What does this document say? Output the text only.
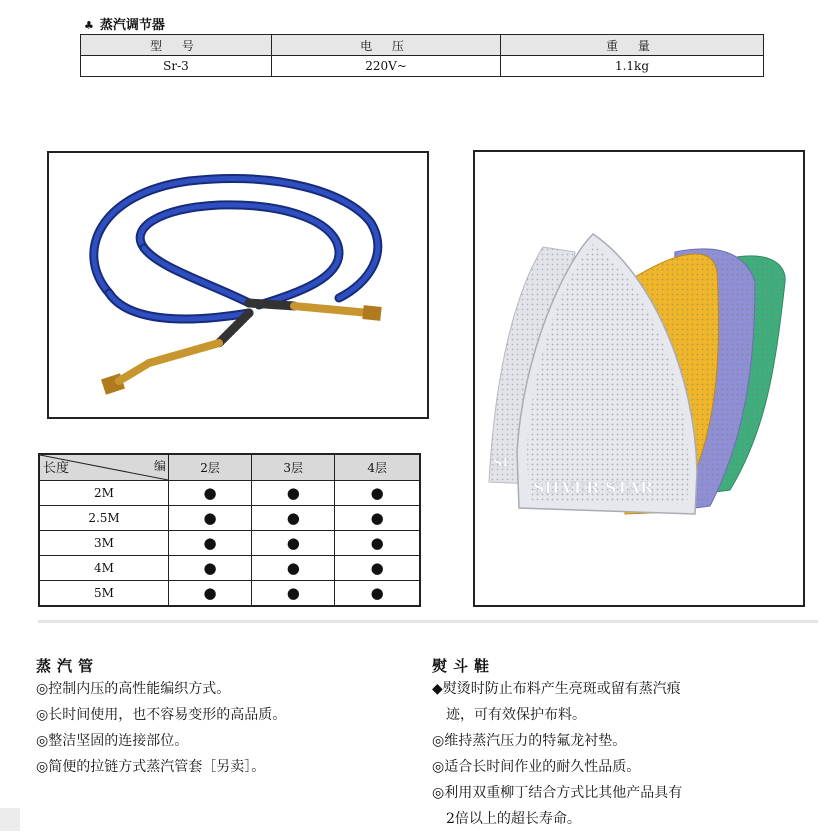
♣ 蒸汽调节器
型 号	电 压	重 量
Sr-3	220V~	1.1kg
SILVER STAR
SI
长度 编	2层	3层	4层
2M	●	●	●
2.5M	●	●	●
3M	●	●	●
4M	●	●	●
5M	●	●	●
蒸汽管
◎控制内压的高性能编织方式。
◎长时间使用，也不容易变形的高品质。
◎整洁坚固的连接部位。
◎简便的拉链方式蒸汽管套［另卖］。
熨斗鞋
◆熨烫时防止布料产生亮斑或留有蒸汽痕
　迹，可有效保护布料。
◎维持蒸汽压力的特氟龙衬垫。
◎适合长时间作业的耐久性品质。
◎利用双重柳丁结合方式比其他产品具有
　2倍以上的超长寿命。
